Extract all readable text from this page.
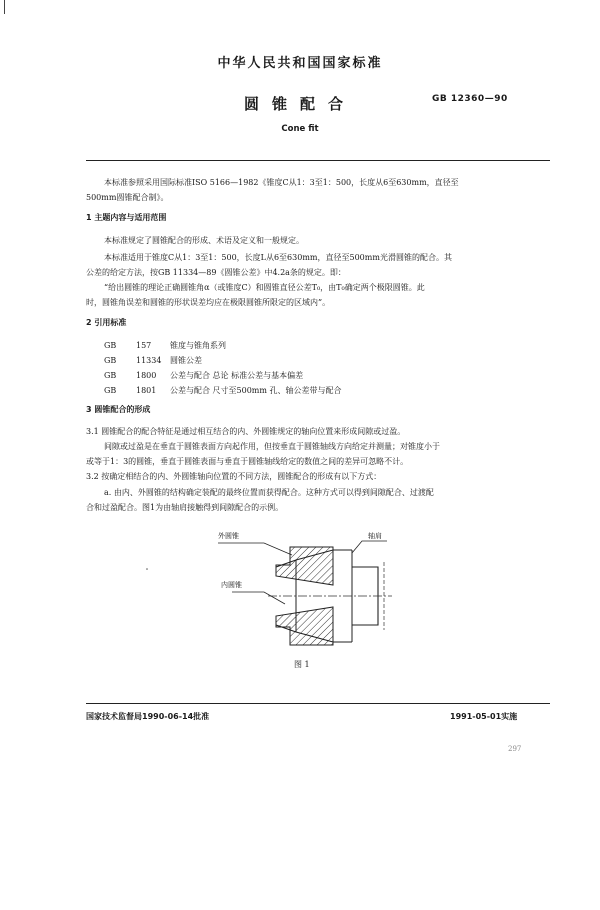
中华人民共和国国家标准
圆锥配合	GB 12360—90
Cone fit
本标准参照采用国际标准ISO 5166—1982《锥度C从1：3至1：500，长度从6至630mm，直径至
500mm圆锥配合制》。
1 主题内容与适用范围
本标准规定了圆锥配合的形成、术语及定义和一般规定。
本标准适用于锥度C从1：3至1：500，长度L从6至630mm，直径至500mm光滑圆锥的配合。其
公差的给定方法，按GB 11334—89《圆锥公差》中4.2a条的规定。即：
“给出圆锥的理论正确圆锥角α（或锥度C）和圆锥直径公差T₀，由T₀确定两个极限圆锥。此
时，圆锥角误差和圆锥的形状误差均应在极限圆锥所限定的区域内”。
2 引用标准
GB 157 锥度与锥角系列
GB 11334 圆锥公差
GB 1800 公差与配合 总论 标准公差与基本偏差
GB 1801 公差与配合 尺寸至500mm 孔、轴公差带与配合
3 圆锥配合的形成
3.1 圆锥配合的配合特征是通过相互结合的内、外圆锥规定的轴向位置来形成间隙或过盈。
间隙或过盈是在垂直于圆锥表面方向起作用，但按垂直于圆锥轴线方向给定并测量；对锥度小于
或等于1：3的圆锥，垂直于圆锥表面与垂直于圆锥轴线给定的数值之间的差异可忽略不计。
3.2 按确定相结合的内、外圆锥轴向位置的不同方法，圆锥配合的形成有以下方式：
a. 由内、外圆锥的结构确定装配的最终位置而获得配合。这种方式可以得到间隙配合、过渡配
合和过盈配合。图1为由轴肩接触得到间隙配合的示例。
外圆锥	轴肩
内圆锥
图 1
国家技术监督局1990-06-14批准	1991-05-01实施
297
